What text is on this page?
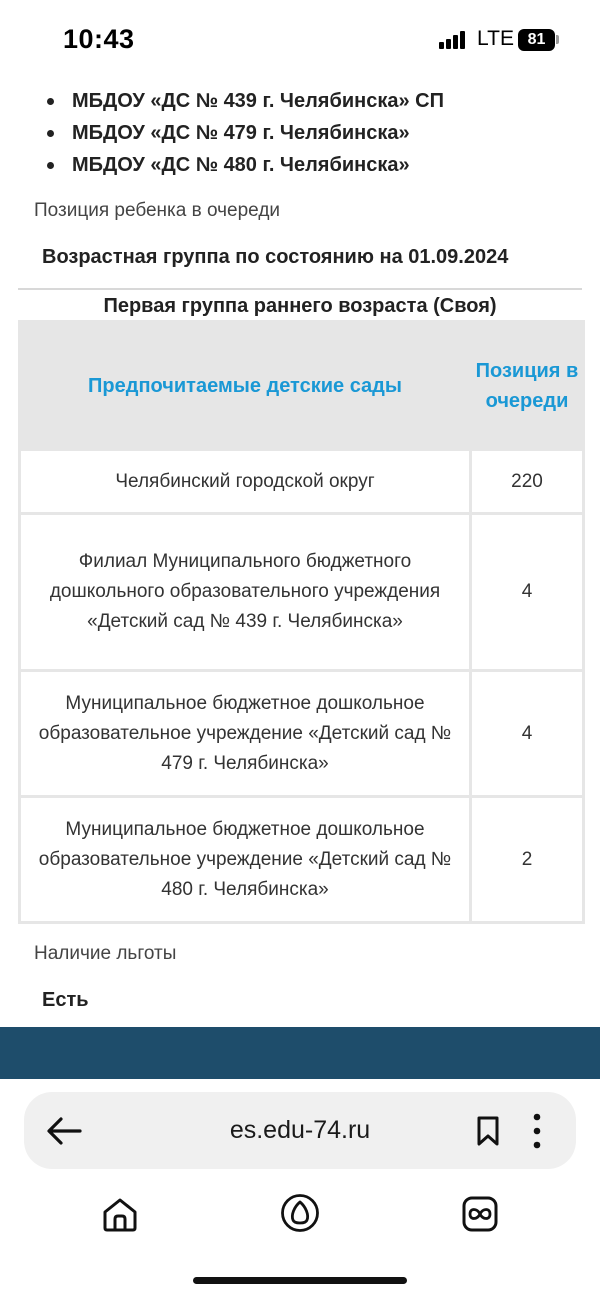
10:43	LTE 81
МБДОУ «ДС № 439 г. Челябинска» СП
МБДОУ «ДС № 479 г. Челябинска»
МБДОУ «ДС № 480 г. Челябинска»
Позиция ребенка в очереди
Возрастная группа по состоянию на 01.09.2024
Первая группа раннего возраста (Своя)
Предпочитаемые детские сады	Позиция в очереди
Челябинский городской округ	220
Филиал Муниципального бюджетного дошкольного образовательного учреждения «Детский сад № 439 г. Челябинска»	4
Муниципальное бюджетное дошкольное образовательное учреждение «Детский сад № 479 г. Челябинска»	4
Муниципальное бюджетное дошкольное образовательное учреждение «Детский сад № 480 г. Челябинска»	2
Наличие льготы
Есть
es.edu-74.ru
